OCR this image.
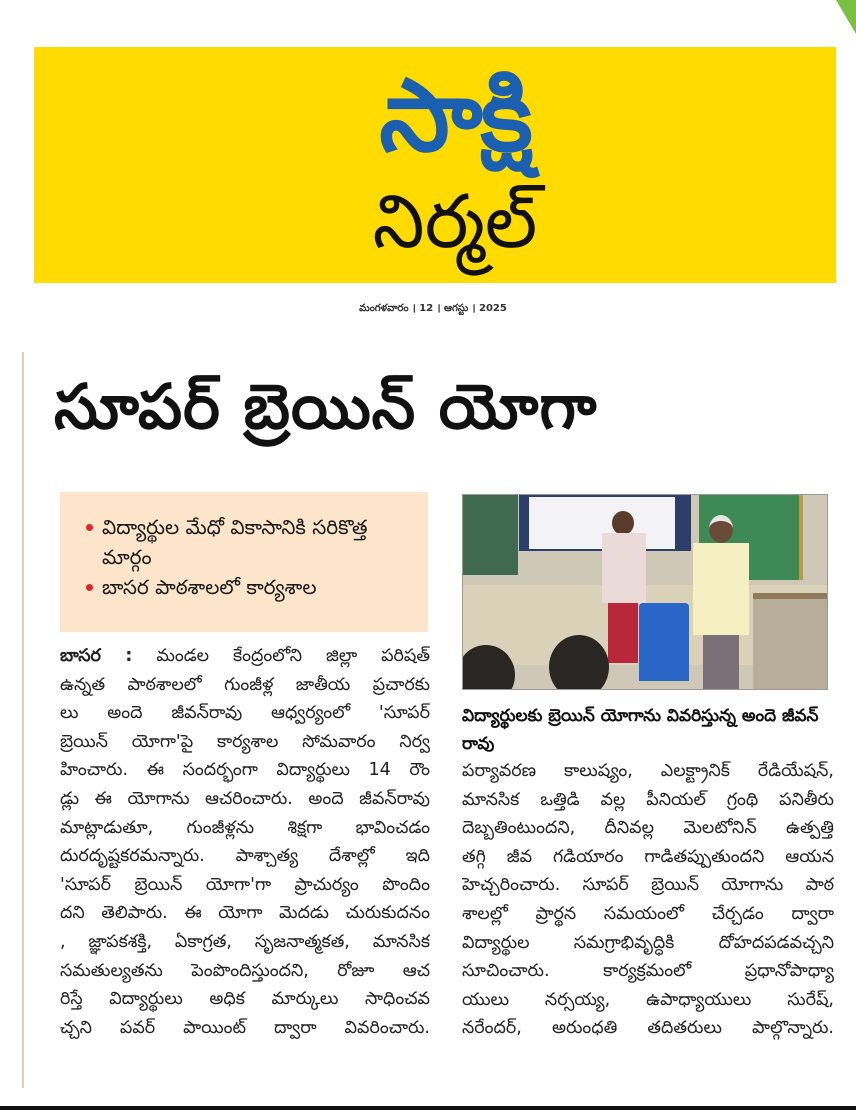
సాక్షి
నిర్మల్
మంగళవారం । 12 । ఆగస్టు । 2025
సూపర్ బ్రెయిన్ యోగా
విద్యార్థుల మేధో వికాసానికి సరికొత్త మార్గం
బాసర పాఠశాలలో కార్యశాల
విద్యార్థులకు బ్రెయిన్ యోగాను వివరిస్తున్న అందె జీవన్ రావు
బాసర : మండల కేంద్రంలోని జిల్లా పరిషత్
ఉన్నత పాఠశాలలో గుంజీళ్ల జాతీయ ప్రచారకు
లు అందె జీవన్‌రావు ఆధ్వర్యంలో 'సూపర్
బ్రెయిన్ యోగా'పై కార్యశాల సోమవారం నిర్వ
హించారు. ఈ సందర్భంగా విద్యార్థులు 14 రౌం
డ్లు ఈ యోగాను ఆచరించారు. అందె జీవన్‌రావు
మాట్లాడుతూ, గుంజీళ్లను శిక్షగా భావించడం
దురదృష్టకరమన్నారు. పాశ్చాత్య దేశాల్లో ఇది
'సూపర్ బ్రెయిన్ యోగా'గా ప్రాచుర్యం పొందిం
దని తెలిపారు. ఈ యోగా మెదడు చురుకుదనం
, జ్ఞాపకశక్తి, ఏకాగ్రత, సృజనాత్మకత, మానసిక
సమతుల్యతను పెంపొందిస్తుందని, రోజూ ఆచ
రిస్తే విద్యార్థులు అధిక మార్కులు సాధించవ
చ్చని పవర్ పాయింట్ ద్వారా వివరించారు.
పర్యావరణ కాలుష్యం, ఎలక్ట్రానిక్ రేడియేషన్,
మానసిక ఒత్తిడి వల్ల పీనియల్ గ్రంథి పనితీరు
దెబ్బతింటుందని, దీనివల్ల మెలటోనిన్ ఉత్పత్తి
తగ్గి జీవ గడియారం గాడితప్పుతుందని ఆయన
హెచ్చరించారు. సూపర్ బ్రెయిన్ యోగాను పాఠ
శాలల్లో ప్రార్థన సమయంలో చేర్చడం ద్వారా
విద్యార్థుల సమగ్రాభివృద్ధికి దోహదపడవచ్చని
సూచించారు. కార్యక్రమంలో ప్రధానోపాధ్యా
యులు నర్సయ్య, ఉపాధ్యాయులు సురేష్,
నరేందర్, అరుంధతి తదితరులు పాల్గొన్నారు.
